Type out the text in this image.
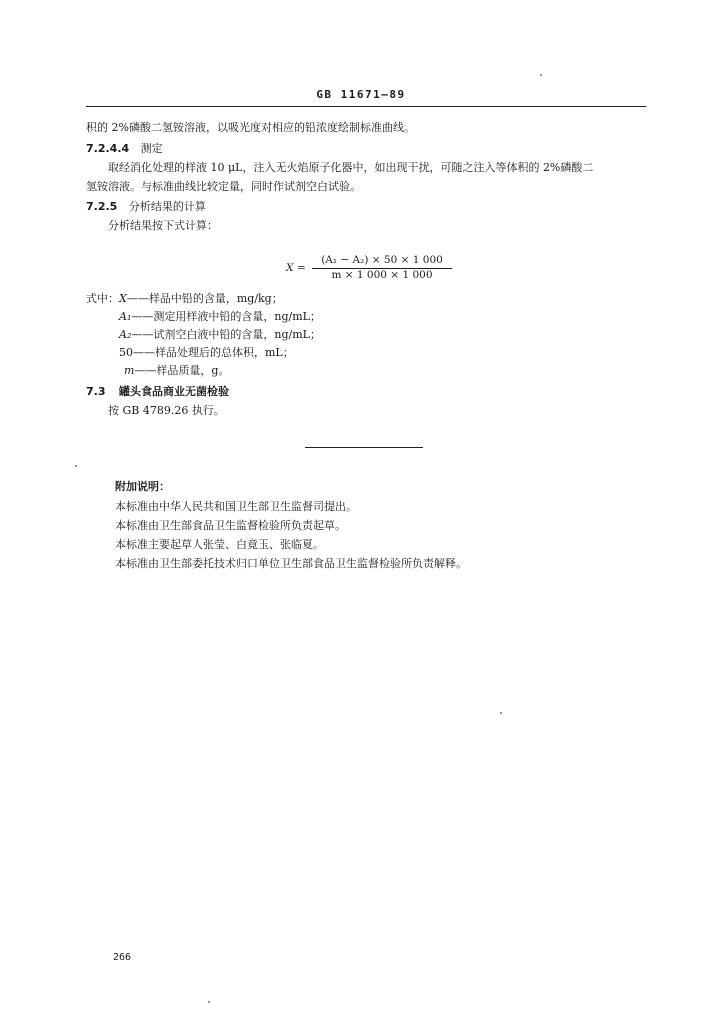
GB 11671—89
积的 2%磷酸二氢铵溶液，以吸光度对相应的铅浓度绘制标准曲线。
7.2.4.4 测定
取经消化处理的样液 10 μL，注入无火焰原子化器中，如出现干扰，可随之注入等体积的 2%磷酸二
氢铵溶液。与标准曲线比较定量，同时作试剂空白试验。
7.2.5 分析结果的计算
分析结果按下式计算：
X =
(A₁ − A₂) × 50 × 1 000
m × 1 000 × 1 000
式中：X——样品中铅的含量，mg/kg；
A₁——测定用样液中铅的含量，ng/mL；
A₂——试剂空白液中铅的含量，ng/mL；
50——样品处理后的总体积，mL；
m——样品质量，g。
7.3 罐头食品商业无菌检验
按 GB 4789.26 执行。
附加说明：
本标准由中华人民共和国卫生部卫生监督司提出。
本标准由卫生部食品卫生监督检验所负责起草。
本标准主要起草人张莹、白竟玉、张临夏。
本标准由卫生部委托技术归口单位卫生部食品卫生监督检验所负责解释。
266
